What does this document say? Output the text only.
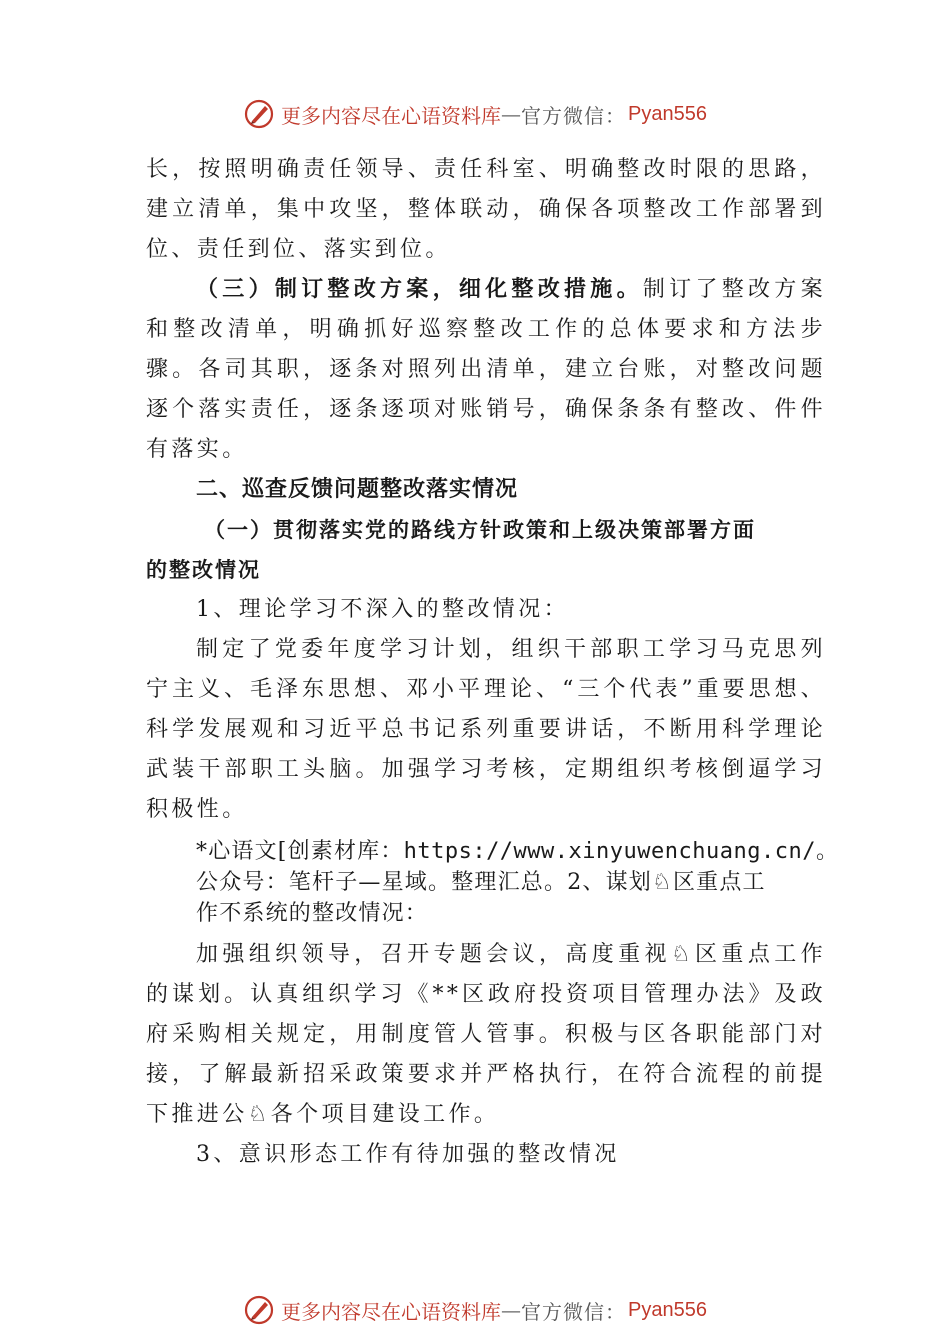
更多内容尽在心语资料库 — 官方微信： Pyan556

长，按照明确责任领导、责任科室、明确整改时限的思路，建立清单，集中攻坚，整体联动，确保各项整改工作部署到位、责任到位、落实到位。

（三）制订整改方案，细化整改措施。制订了整改方案和整改清单，明确抓好巡察整改工作的总体要求和方法步骤。各司其职，逐条对照列出清单，建立台账，对整改问题逐个落实责任，逐条逐项对账销号，确保条条有整改、件件有落实。

二、巡查反馈问题整改落实情况

（一）贯彻落实党的路线方针政策和上级决策部署方面
的整改情况

1、理论学习不深入的整改情况：

制定了党委年度学习计划，组织干部职工学习马克思列宁主义、毛泽东思想、邓小平理论、“三个代表”重要思想、科学发展观和习近平总书记系列重要讲话，不断用科学理论武装干部职工头脑。加强学习考核，定期组织考核倒逼学习积极性。

*心语文[创素材库：https://www.xinyuwenchuang.cn/。
公众号：笔杆子—星域。整理汇总。2、谋划♘区重点工
作不系统的整改情况：

加强组织领导，召开专题会议，高度重视♘区重点工作的谋划。认真组织学习《**区政府投资项目管理办法》及政府采购相关规定，用制度管人管事。积极与区各职能部门对接，了解最新招采政策要求并严格执行，在符合流程的前提下推进公♘各个项目建设工作。

3、意识形态工作有待加强的整改情况

更多内容尽在心语资料库 — 官方微信： Pyan556
